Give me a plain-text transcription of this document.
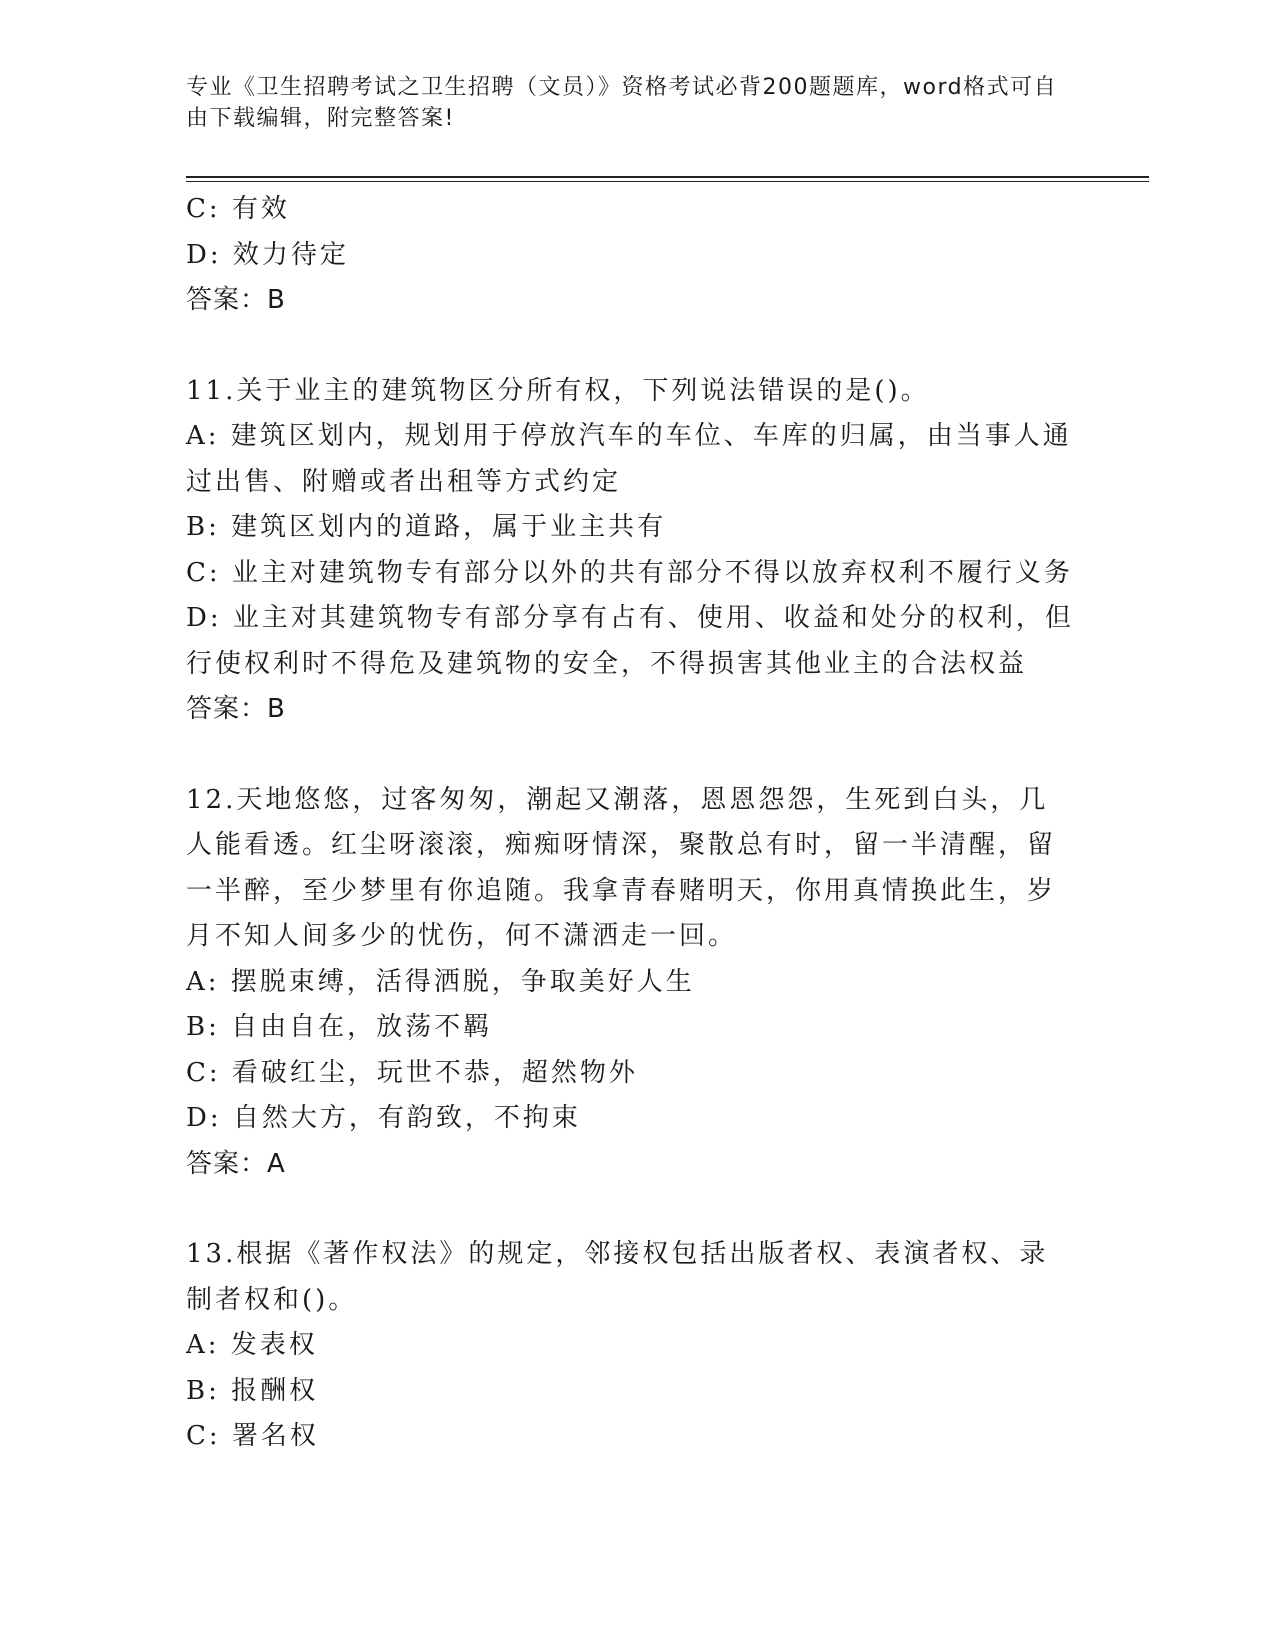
专业《卫生招聘考试之卫生招聘（文员）》资格考试必背200题题库，word格式可自由下载编辑，附完整答案!

C: 有效

D: 效力待定

答案：B

11.关于业主的建筑物区分所有权，下列说法错误的是()。

A: 建筑区划内，规划用于停放汽车的车位、车库的归属，由当事人通过出售、附赠或者出租等方式约定

B: 建筑区划内的道路，属于业主共有

C: 业主对建筑物专有部分以外的共有部分不得以放弃权利不履行义务

D: 业主对其建筑物专有部分享有占有、使用、收益和处分的权利，但行使权利时不得危及建筑物的安全，不得损害其他业主的合法权益

答案：B

12.天地悠悠，过客匆匆，潮起又潮落，恩恩怨怨，生死到白头，几人能看透。红尘呀滚滚，痴痴呀情深，聚散总有时，留一半清醒，留一半醉，至少梦里有你追随。我拿青春赌明天，你用真情换此生，岁月不知人间多少的忧伤，何不潇洒走一回。

A: 摆脱束缚，活得洒脱，争取美好人生

B: 自由自在，放荡不羁

C: 看破红尘，玩世不恭，超然物外

D: 自然大方，有韵致，不拘束

答案：A

13.根据《著作权法》的规定，邻接权包括出版者权、表演者权、录制者权和()。

A: 发表权

B: 报酬权

C: 署名权
